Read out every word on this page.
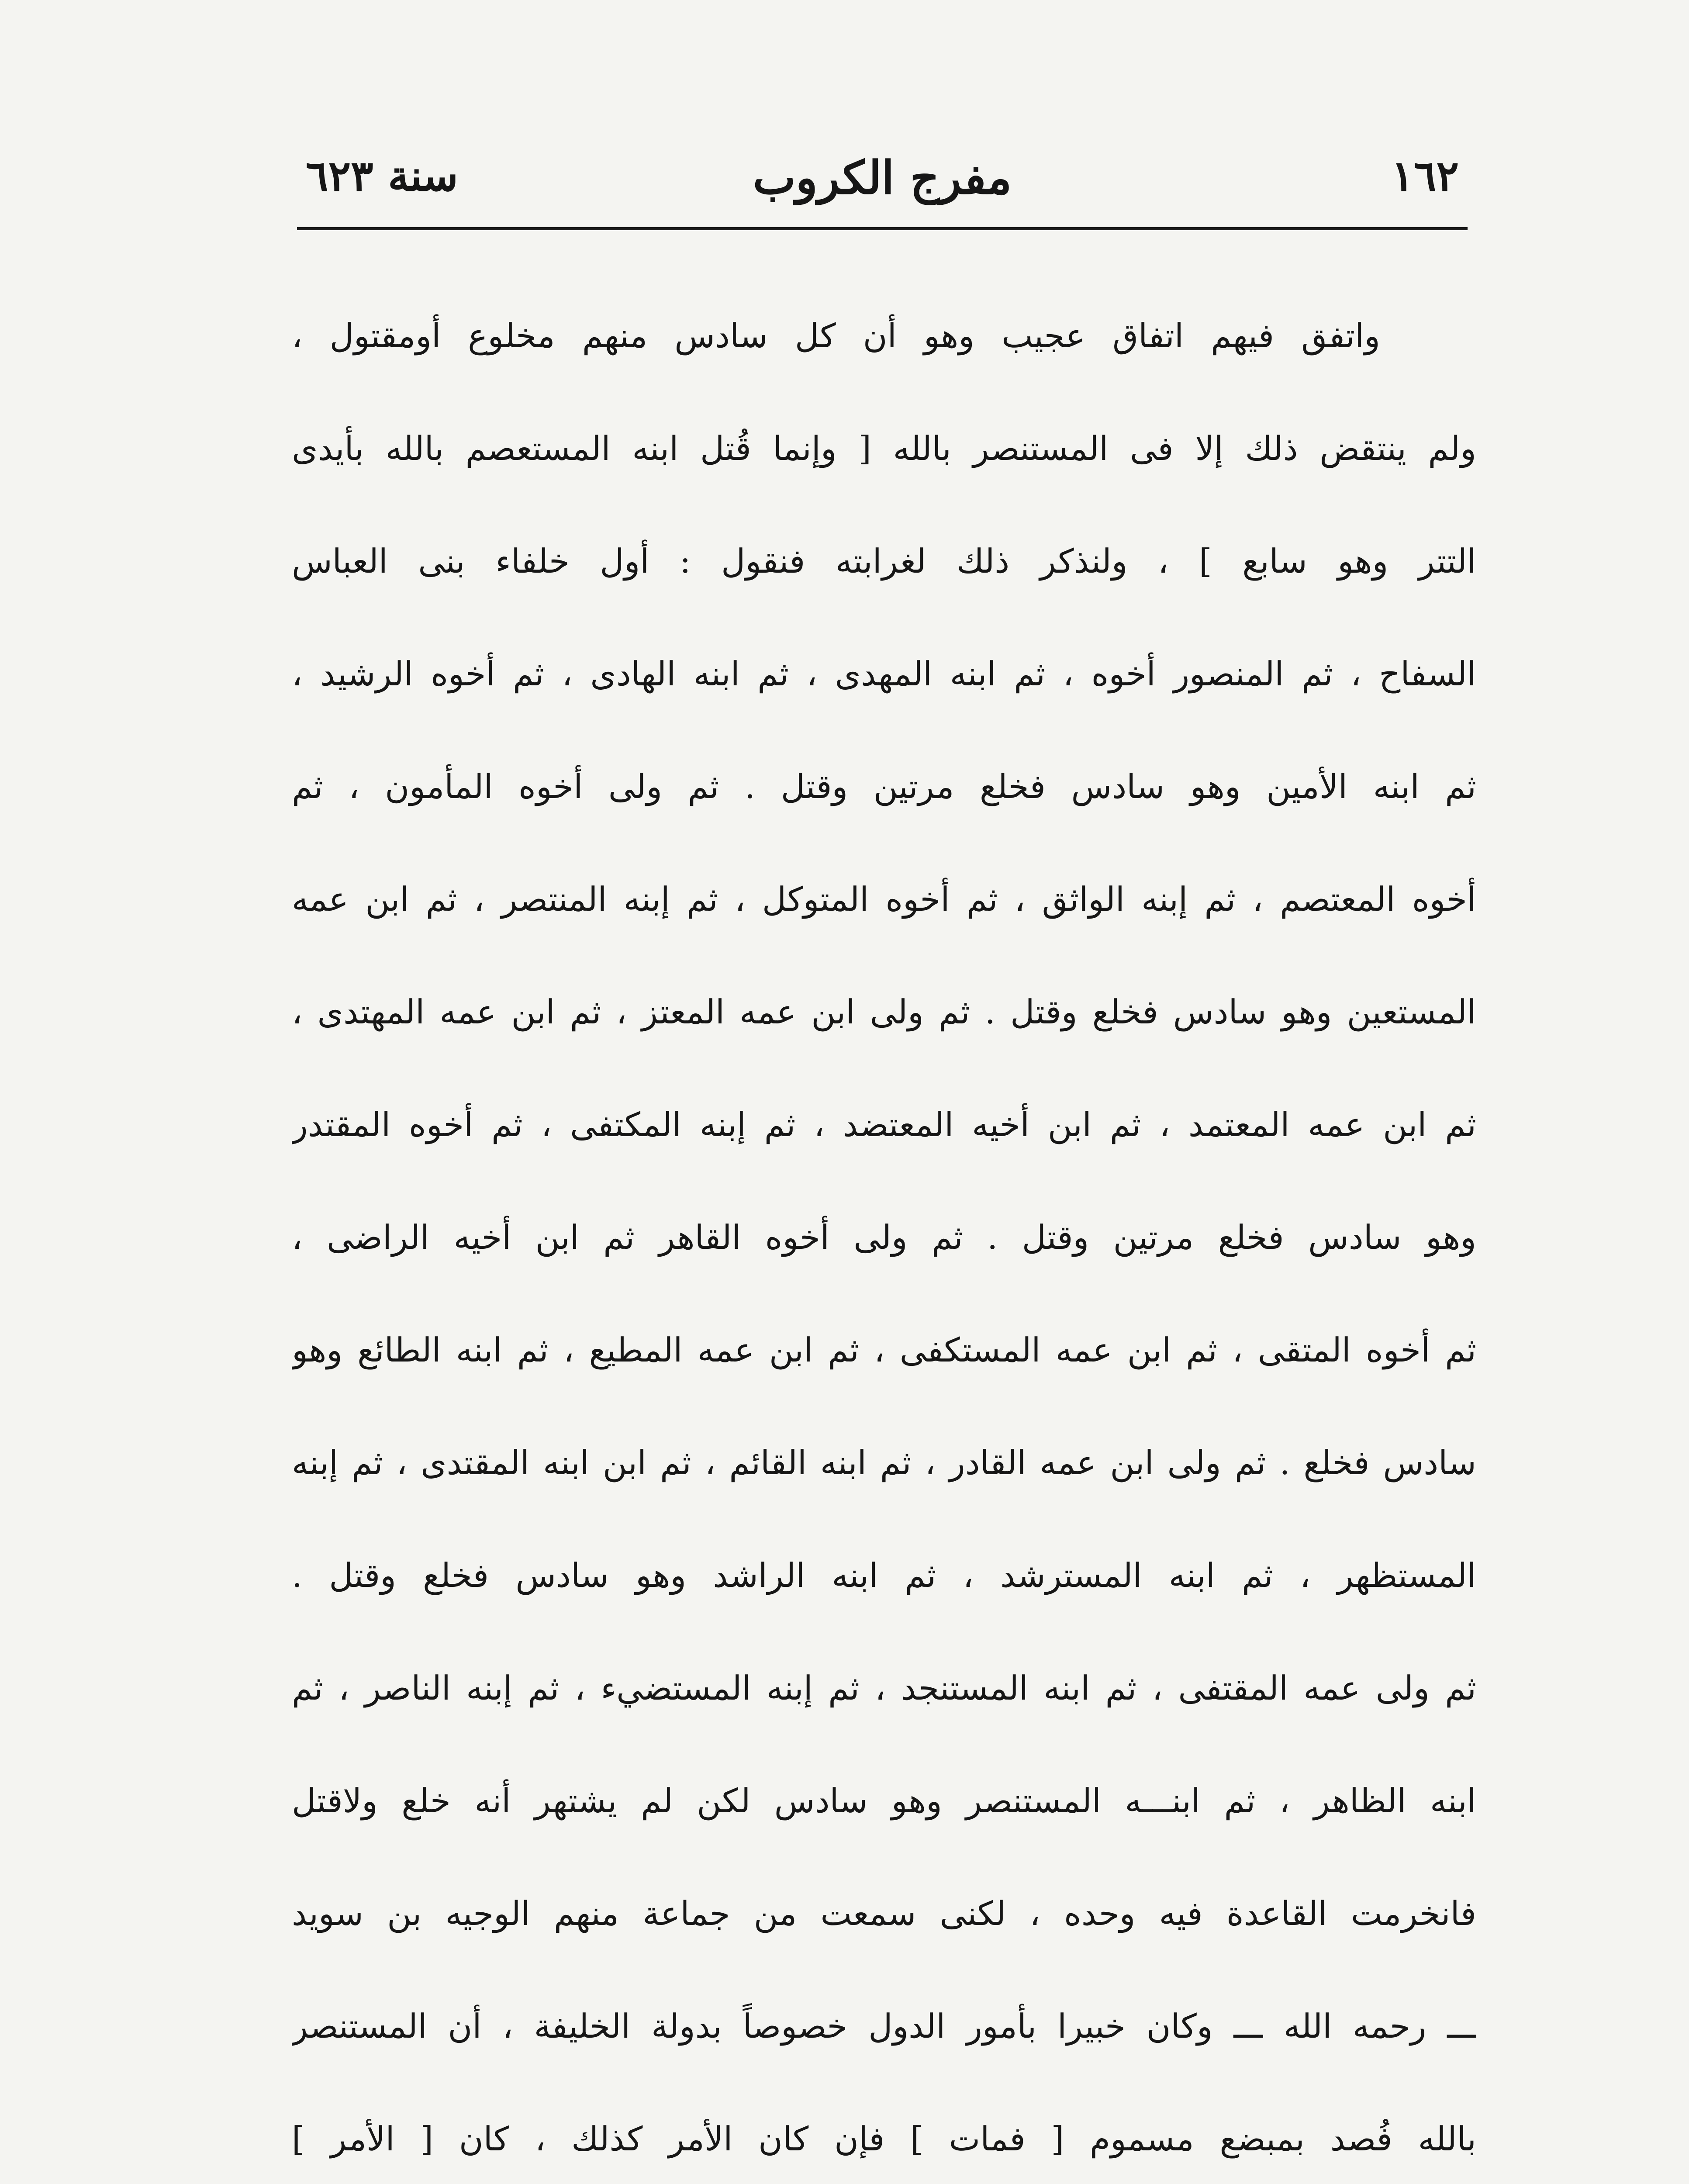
١٦٢
مفرج الكروب
سنة ٦٢٣
واتفق فيهم اتفاق عجيب وهو أن كل سادس منهم مخلوع أومقتول ،
ولم ينتقض ذلك إلا فى المستنصر بالله [ وإنما قُتل ابنه المستعصم بالله بأيدى
التتر وهو سابع ] ، ولنذكر ذلك لغرابته فنقول : أول خلفاء بنى العباس
السفاح ، ثم المنصور أخوه ، ثم ابنه المهدى ، ثم ابنه الهادى ، ثم أخوه الرشيد ،
ثم ابنه الأمين وهو سادس فخلع مرتين وقتل . ثم ولى أخوه المأمون ، ثم
أخوه المعتصم ، ثم إبنه الواثق ، ثم أخوه المتوكل ، ثم إبنه المنتصر ، ثم ابن عمه
المستعين وهو سادس فخلع وقتل . ثم ولى ابن عمه المعتز ، ثم ابن عمه المهتدى ،
ثم ابن عمه المعتمد ، ثم ابن أخيه المعتضد ، ثم إبنه المكتفى ، ثم أخوه المقتدر
وهو سادس فخلع مرتين وقتل . ثم ولى أخوه القاهر ثم ابن أخيه الراضى ،
ثم أخوه المتقى ، ثم ابن عمه المستكفى ، ثم ابن عمه المطيع ، ثم ابنه الطائع وهو
سادس فخلع . ثم ولى ابن عمه القادر ، ثم ابنه القائم ، ثم ابن ابنه المقتدى ، ثم إبنه
المستظهر ، ثم ابنه المسترشد ، ثم ابنه الراشد وهو سادس فخلع وقتل .
ثم ولى عمه المقتفى ، ثم ابنه المستنجد ، ثم إبنه المستضيء ، ثم إبنه الناصر ، ثم
ابنه الظاهر ، ثم ابنـــه المستنصر وهو سادس لكن لم يشتهر أنه خلع ولاقتل
فانخرمت القاعدة فيه وحده ، لكنى سمعت من جماعة منهم الوجيه بن سويد
ـــ رحمه الله ـــ وكان خبيرا بأمور الدول خصوصاً بدولة الخليفة ، أن المستنصر
بالله فُصد بمبضع مسموم [ فمات ] فإن كان الأمر كذلك ، كان [ الأمر ]
